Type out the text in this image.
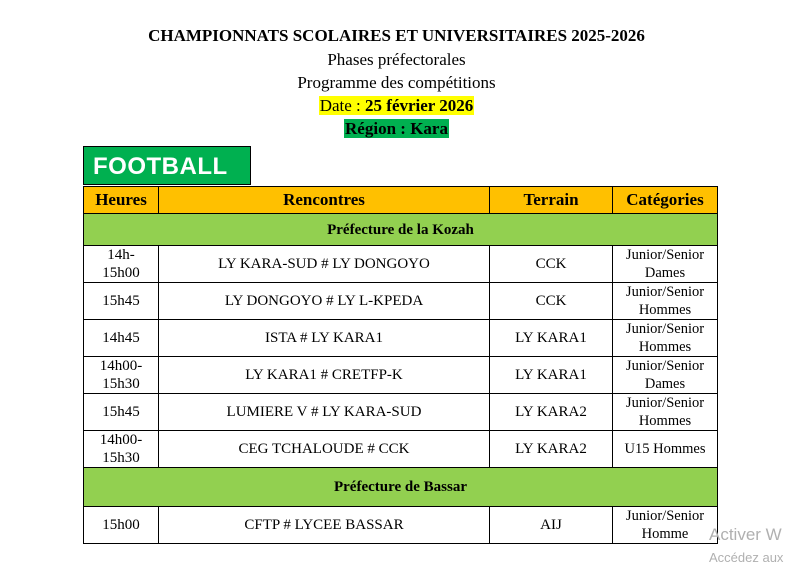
CHAMPIONNATS SCOLAIRES ET UNIVERSITAIRES 2025-2026
Phases préfectorales
Programme des compétitions
Date : 25 février 2026
Région : Kara
FOOTBALL
Heures	Rencontres	Terrain	Catégories
Préfecture de la Kozah			
14h-
15h00	LY KARA-SUD # LY DONGOYO	CCK	Junior/Senior
Dames
15h45	LY DONGOYO # LY L-KPEDA	CCK	Junior/Senior
Hommes
14h45	ISTA # LY KARA1	LY KARA1	Junior/Senior
Hommes
14h00-
15h30	LY KARA1 # CRETFP-K	LY KARA1	Junior/Senior
Dames
15h45	LUMIERE V # LY KARA-SUD	LY KARA2	Junior/Senior
Hommes
14h00-
15h30	CEG TCHALOUDE # CCK	LY KARA2	U15 Hommes
Préfecture de Bassar			
15h00	CFTP # LYCEE BASSAR	AIJ	Junior/Senior
Homme Activer W
Accédez aux
